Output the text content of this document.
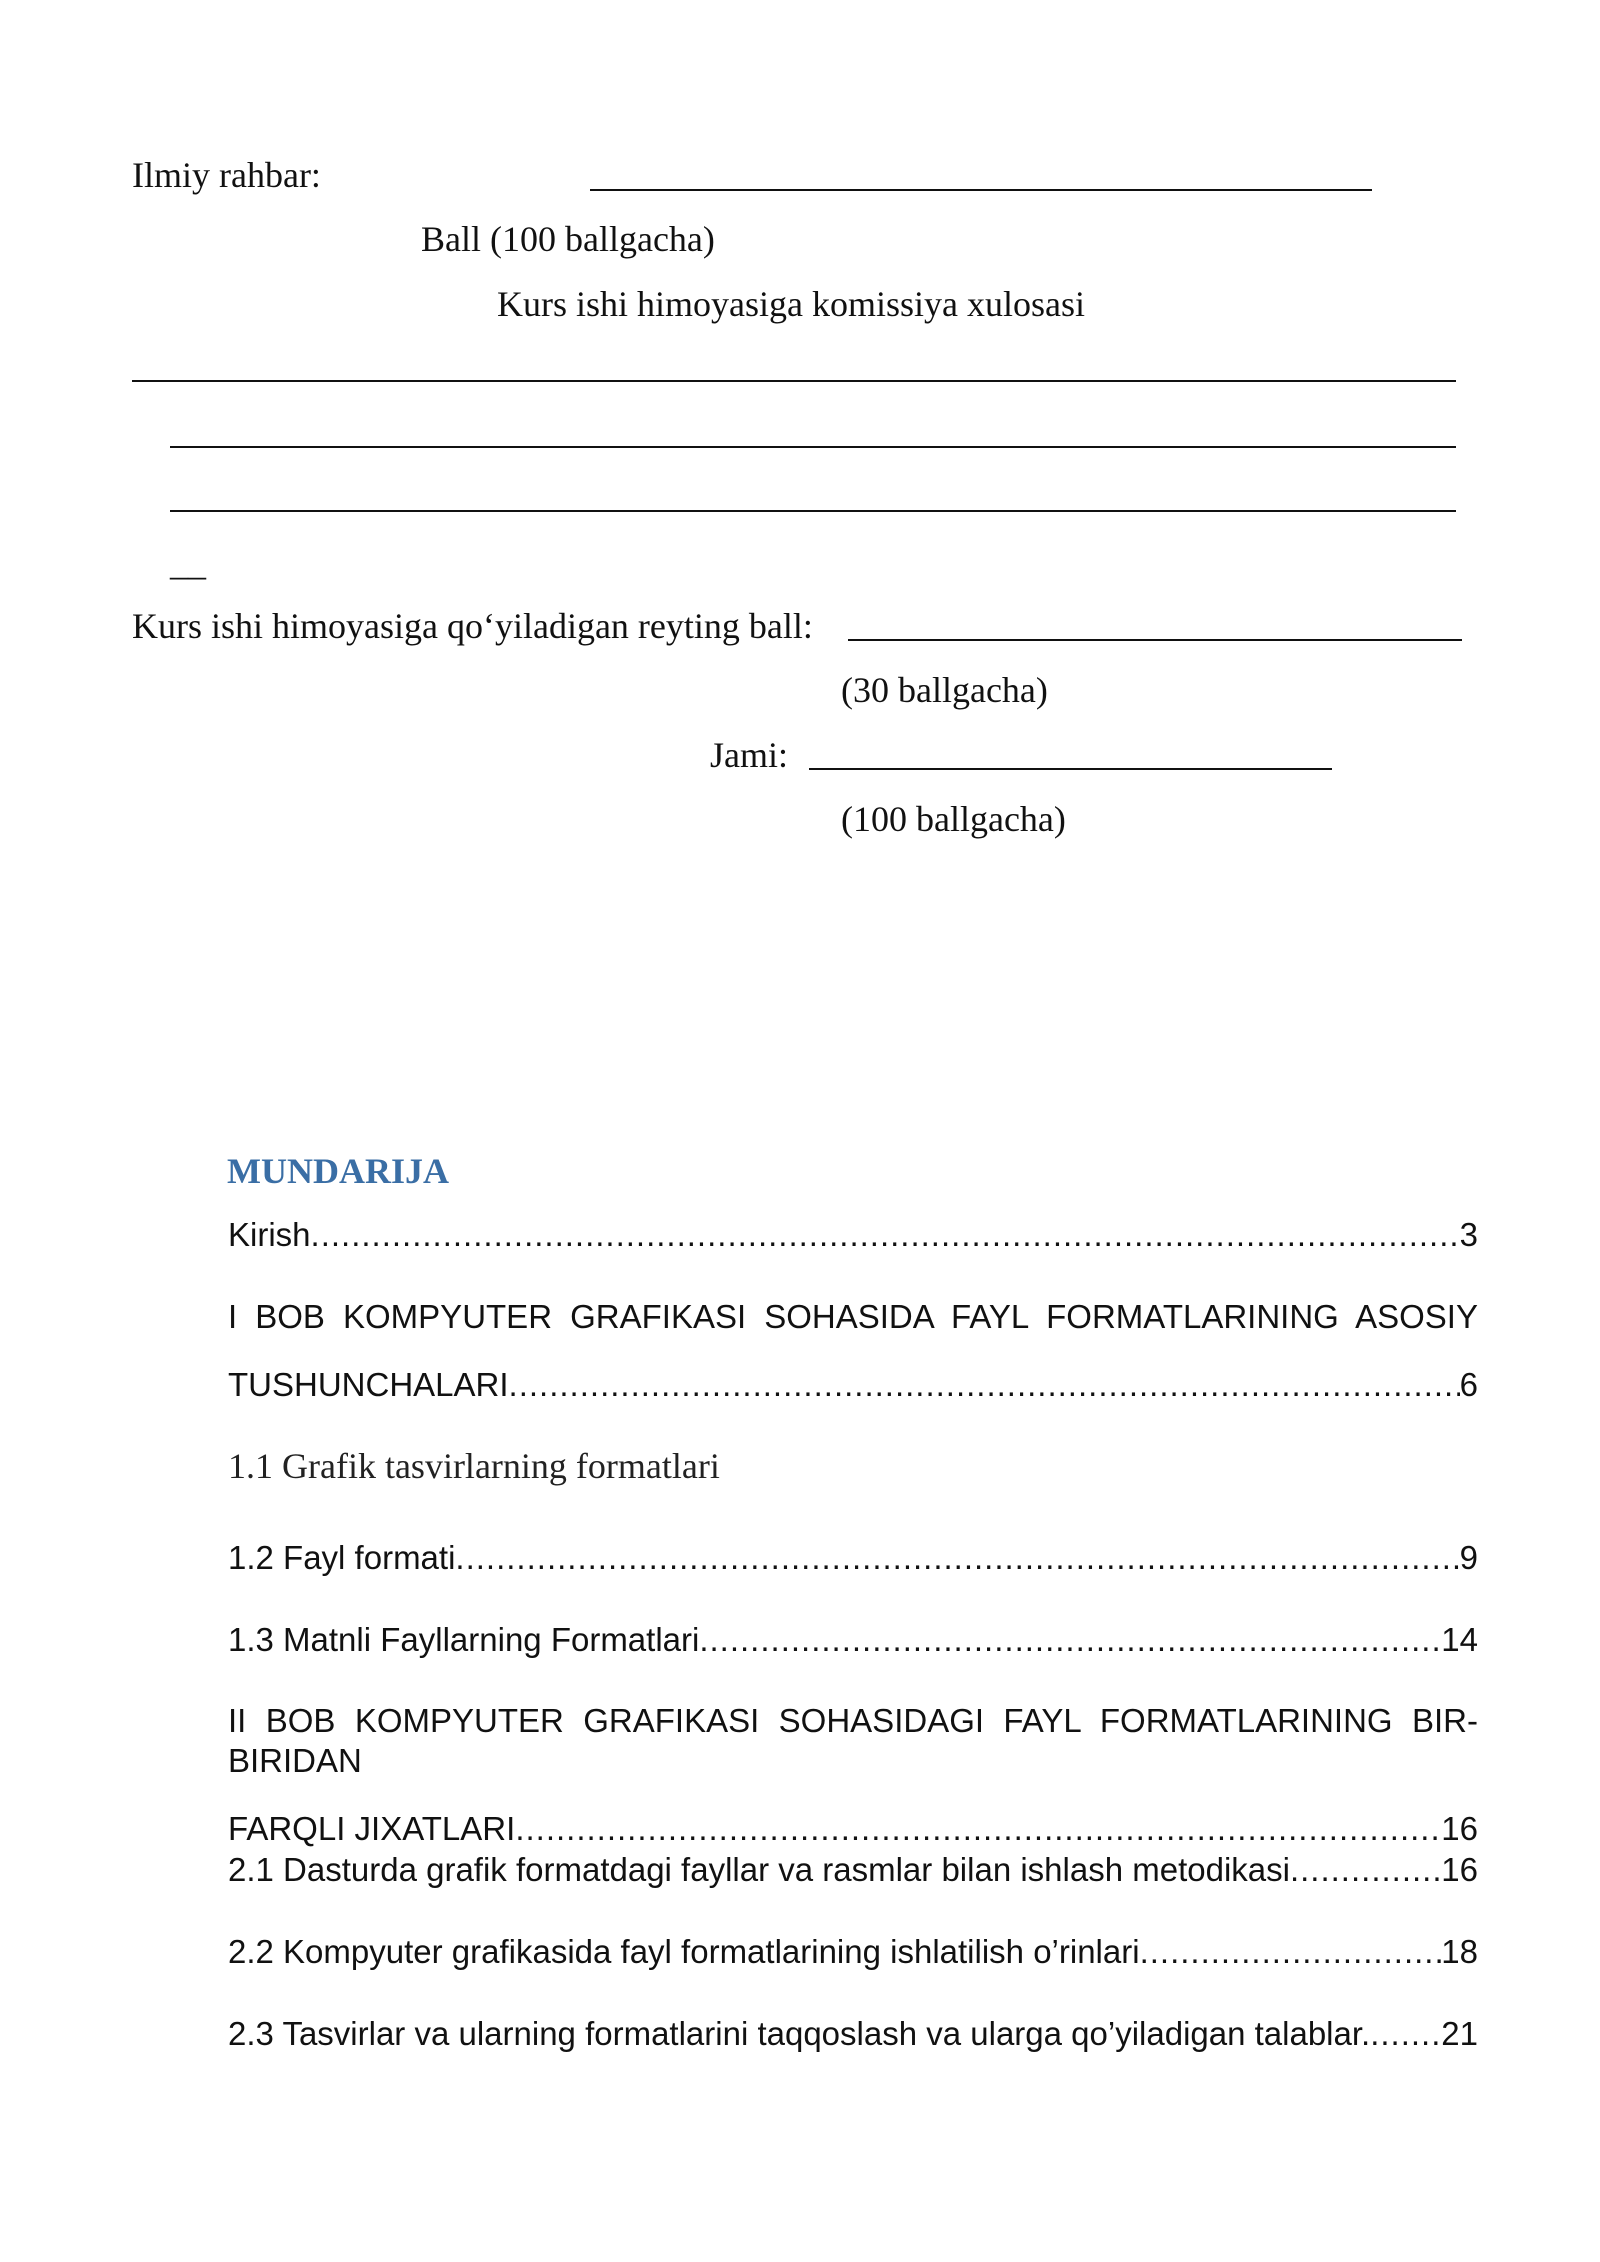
Ilmiy rahbar:
Ball (100 ballgacha)
Kurs ishi himoyasiga komissiya xulosasi
__
Kurs ishi himoyasiga qo‘yiladigan reyting ball:
(30 ballgacha)
Jami:
(100 ballgacha)
MUNDARIJA
Kirish .....	3
I BOB KOMPYUTER GRAFIKASI SOHASIDA FAYL FORMATLARINING ASOSIY
TUSHUNCHALARI .....	6
1.1 Grafik tasvirlarning formatlari
1.2 Fayl formati .....	9
1.3 Matnli Fayllarning Formatlari .....	14
II BOB KOMPYUTER GRAFIKASI SOHASIDAGI FAYL FORMATLARINING BIR-BIRIDAN
FARQLI JIXATLARI .....	16
2.1 Dasturda grafik formatdagi fayllar va rasmlar bilan ishlash metodikasi .....	16
2.2 Kompyuter grafikasida fayl formatlarining ishlatilish o’rinlari .....	18
2.3 Tasvirlar va ularning formatlarini taqqoslash va ularga qo’yiladigan talablar. ..... 21
